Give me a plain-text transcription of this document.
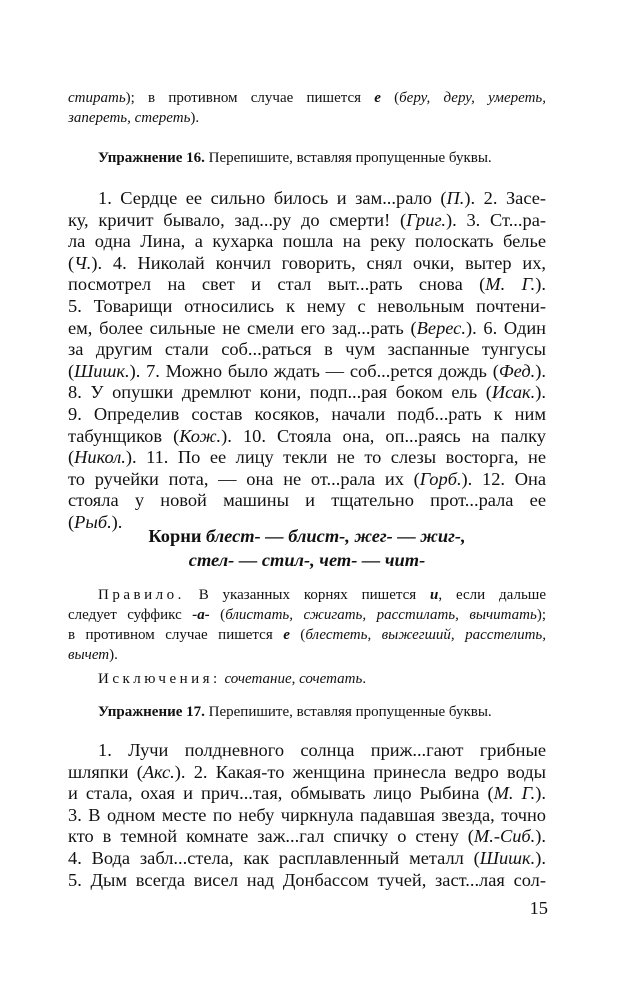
стирать); в противном случае пишется е (беру, деру, умереть,
запереть, стереть).
Упражнение 16. Перепишите, вставляя пропущенные буквы.
1. Сердце ее сильно билось и зам...рало (П.). 2. Засе-
ку, кричит бывало, зад...ру до смерти! (Григ.). 3. Ст...ра-
ла одна Лина, а кухарка пошла на реку полоскать белье
(Ч.). 4. Николай кончил говорить, снял очки, вытер их,
посмотрел на свет и стал выт...рать снова (М. Г.).
5. Товарищи относились к нему с невольным почтени-
ем, более сильные не смели его зад...рать (Верес.). 6. Один
за другим стали соб...раться в чум заспанные тунгусы
(Шишк.). 7. Можно было ждать — соб...рется дождь (Фед.).
8. У опушки дремлют кони, подп...рая боком ель (Исак.).
9. Определив состав косяков, начали подб...рать к ним
табунщиков (Кож.). 10. Стояла она, оп...раясь на палку
(Никол.). 11. По ее лицу текли не то слезы восторга, не
то ручейки пота, — она не от...рала их (Горб.). 12. Она
стояла у новой машины и тщательно прот...рала ее
(Рыб.).
Корни блест- — блист-, жег- — жиг-,
стел- — стил-, чет- — чит-
Правило. В указанных корнях пишется и, если дальше
следует суффикс -а- (блистать, сжигать, расстилать, вычитать);
в противном случае пишется е (блестеть, выжегший, расстелить,
вычет).
Исключения: сочетание, сочетать.
Упражнение 17. Перепишите, вставляя пропущенные буквы.
1. Лучи полдневного солнца приж...гают грибные
шляпки (Акс.). 2. Какая-то женщина принесла ведро воды
и стала, охая и прич...тая, обмывать лицо Рыбина (М. Г.).
3. В одном месте по небу чиркнула падавшая звезда, точно
кто в темной комнате заж...гал спичку о стену (М.-Сиб.).
4. Вода забл...стела, как расплавленный металл (Шишк.).
5. Дым всегда висел над Донбассом тучей, заст...лая сол-
15
